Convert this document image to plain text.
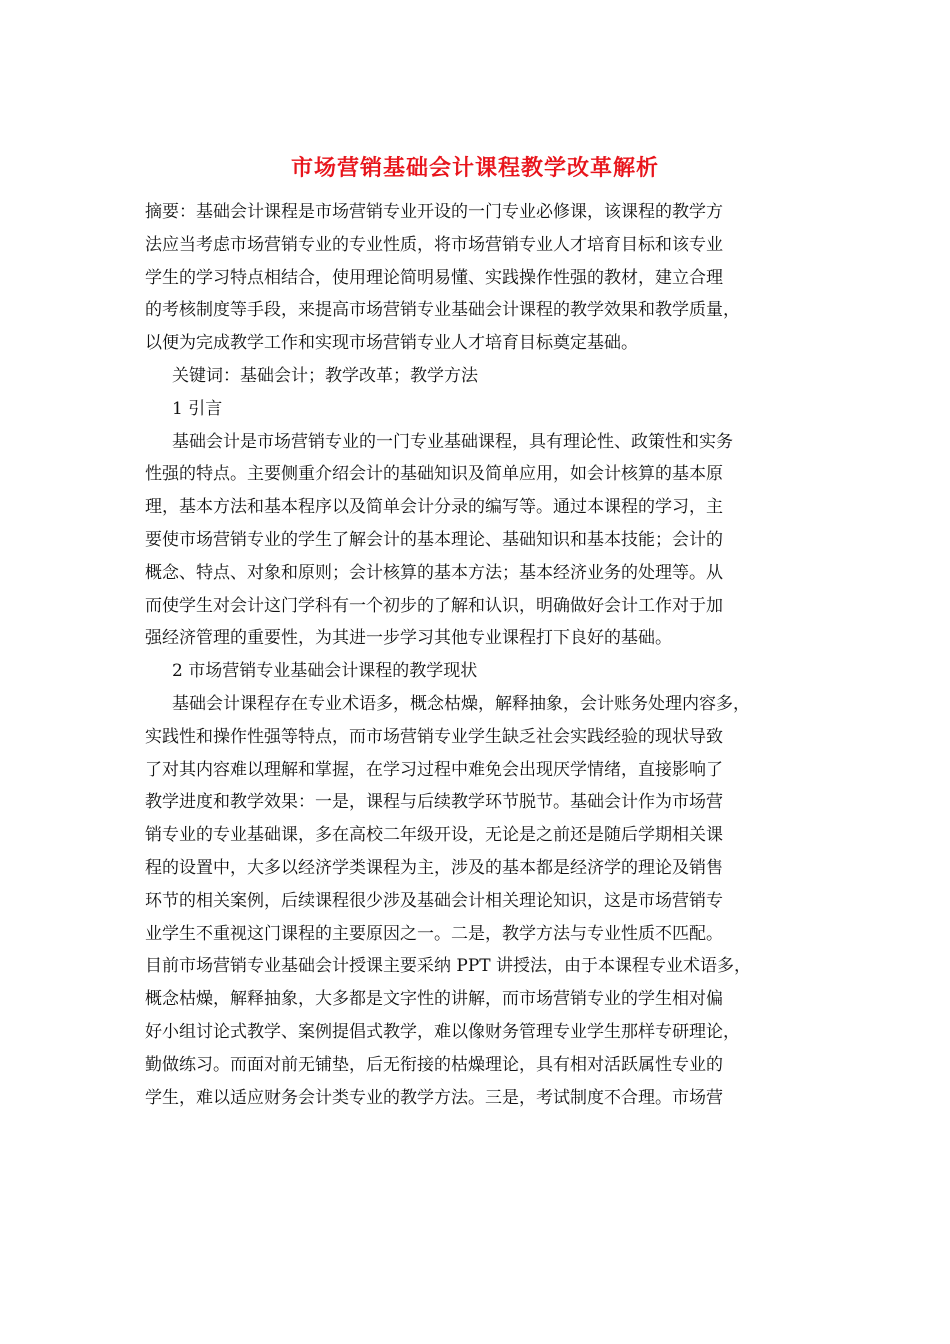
市场营销基础会计课程教学改革解析
摘要：基础会计课程是市场营销专业开设的一门专业必修课，该课程的教学方
法应当考虑市场营销专业的专业性质，将市场营销专业人才培育目标和该专业
学生的学习特点相结合，使用理论简明易懂、实践操作性强的教材，建立合理
的考核制度等手段，来提高市场营销专业基础会计课程的教学效果和教学质量，
以便为完成教学工作和实现市场营销专业人才培育目标奠定基础。
关键词：基础会计；教学改革；教学方法
1 引言
基础会计是市场营销专业的一门专业基础课程，具有理论性、政策性和实务
性强的特点。主要侧重介绍会计的基础知识及简单应用，如会计核算的基本原
理，基本方法和基本程序以及简单会计分录的编写等。通过本课程的学习，主
要使市场营销专业的学生了解会计的基本理论、基础知识和基本技能；会计的
概念、特点、对象和原则；会计核算的基本方法；基本经济业务的处理等。从
而使学生对会计这门学科有一个初步的了解和认识，明确做好会计工作对于加
强经济管理的重要性，为其进一步学习其他专业课程打下良好的基础。
2 市场营销专业基础会计课程的教学现状
基础会计课程存在专业术语多，概念枯燥，解释抽象，会计账务处理内容多，
实践性和操作性强等特点，而市场营销专业学生缺乏社会实践经验的现状导致
了对其内容难以理解和掌握，在学习过程中难免会出现厌学情绪，直接影响了
教学进度和教学效果：一是，课程与后续教学环节脱节。基础会计作为市场营
销专业的专业基础课，多在高校二年级开设，无论是之前还是随后学期相关课
程的设置中，大多以经济学类课程为主，涉及的基本都是经济学的理论及销售
环节的相关案例，后续课程很少涉及基础会计相关理论知识，这是市场营销专
业学生不重视这门课程的主要原因之一。二是，教学方法与专业性质不匹配。
目前市场营销专业基础会计授课主要采纳 PPT 讲授法，由于本课程专业术语多，
概念枯燥，解释抽象，大多都是文字性的讲解，而市场营销专业的学生相对偏
好小组讨论式教学、案例提倡式教学，难以像财务管理专业学生那样专研理论，
勤做练习。而面对前无铺垫，后无衔接的枯燥理论，具有相对活跃属性专业的
学生，难以适应财务会计类专业的教学方法。三是，考试制度不合理。市场营
